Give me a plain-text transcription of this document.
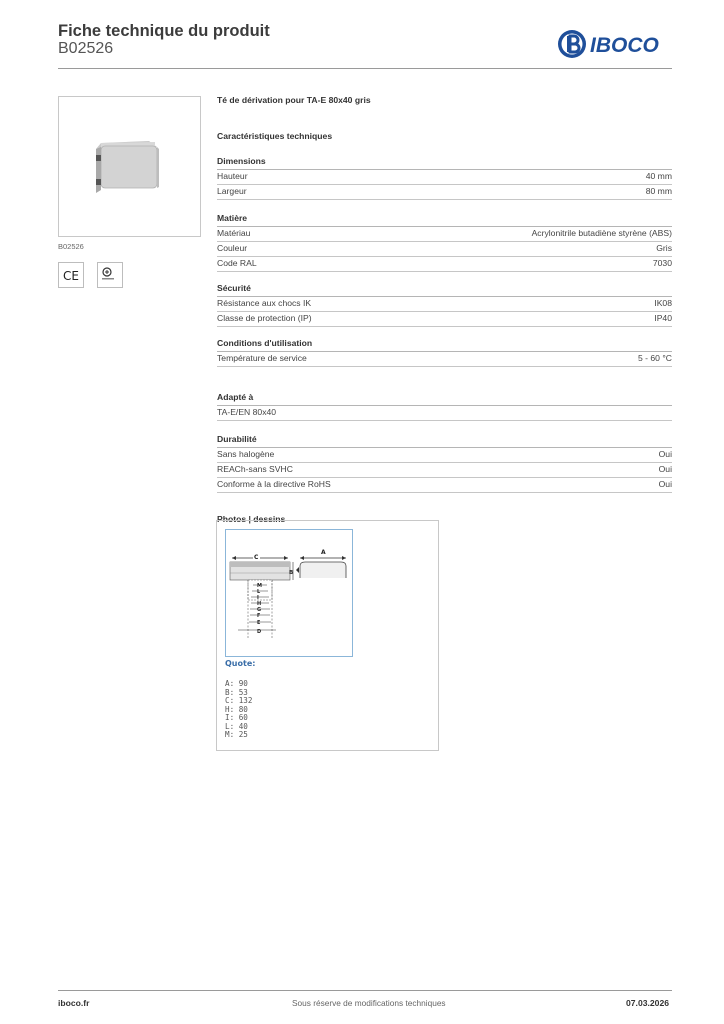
Fiche technique du produit
B02526	IBOCO
B02526
CE
Té de dérivation pour TA-E 80x40 gris
Caractéristiques techniques
Dimensions
Hauteur	40 mm
Largeur	80 mm
Matière
Matériau	Acrylonitrile butadiène styrène (ABS)
Couleur	Gris
Code RAL	7030
Sécurité
Résistance aux chocs IK	IK08
Classe de protection (IP)	IP40
Conditions d'utilisation
Température de service	5 - 60 °C
Adapté à
TA-E/EN 80x40
Durabilité
Sans halogène	Oui
REACh-sans SVHC	Oui
Conforme à la directive RoHS	Oui
Photos | dessins
C
B
A
M
L
I
H
G
F
E
D
Quote:
A: 90
B: 53
C: 132
H: 80
I: 60
L: 40
M: 25
iboco.fr	Sous réserve de modifications techniques	07.03.2026
